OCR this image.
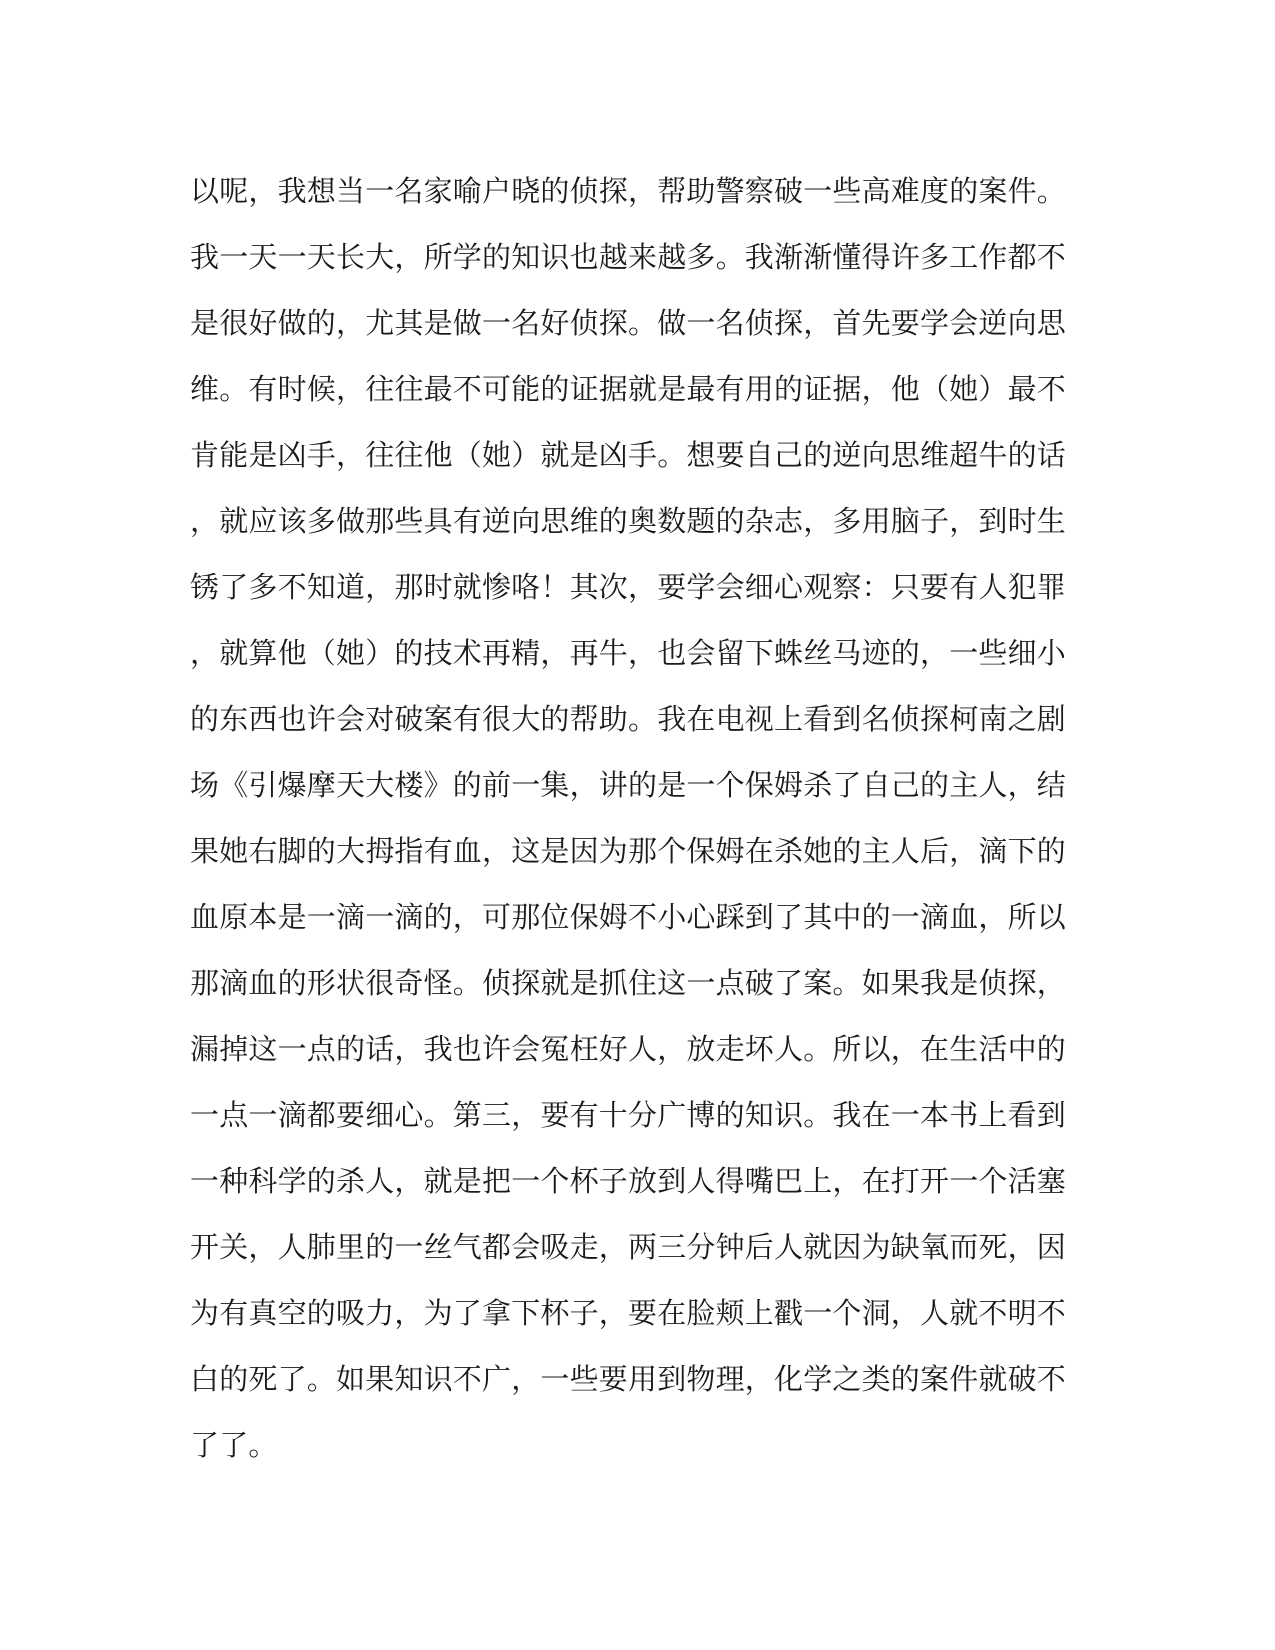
以呢，我想当一名家喻户晓的侦探，帮助警察破一些高难度的案件。
我一天一天长大，所学的知识也越来越多。我渐渐懂得许多工作都不
是很好做的，尤其是做一名好侦探。做一名侦探，首先要学会逆向思
维。有时候，往往最不可能的证据就是最有用的证据，他（她）最不
肯能是凶手，往往他（她）就是凶手。想要自己的逆向思维超牛的话
，就应该多做那些具有逆向思维的奥数题的杂志，多用脑子，到时生
锈了多不知道，那时就惨咯！其次，要学会细心观察：只要有人犯罪
，就算他（她）的技术再精，再牛，也会留下蛛丝马迹的，一些细小
的东西也许会对破案有很大的帮助。我在电视上看到名侦探柯南之剧
场《引爆摩天大楼》的前一集，讲的是一个保姆杀了自己的主人，结
果她右脚的大拇指有血，这是因为那个保姆在杀她的主人后，滴下的
血原本是一滴一滴的，可那位保姆不小心踩到了其中的一滴血，所以
那滴血的形状很奇怪。侦探就是抓住这一点破了案。如果我是侦探，
漏掉这一点的话，我也许会冤枉好人，放走坏人。所以，在生活中的
一点一滴都要细心。第三，要有十分广博的知识。我在一本书上看到
一种科学的杀人，就是把一个杯子放到人得嘴巴上，在打开一个活塞
开关，人肺里的一丝气都会吸走，两三分钟后人就因为缺氧而死，因
为有真空的吸力，为了拿下杯子，要在脸颊上戳一个洞，人就不明不
白的死了。如果知识不广，一些要用到物理，化学之类的案件就破不
了了。
